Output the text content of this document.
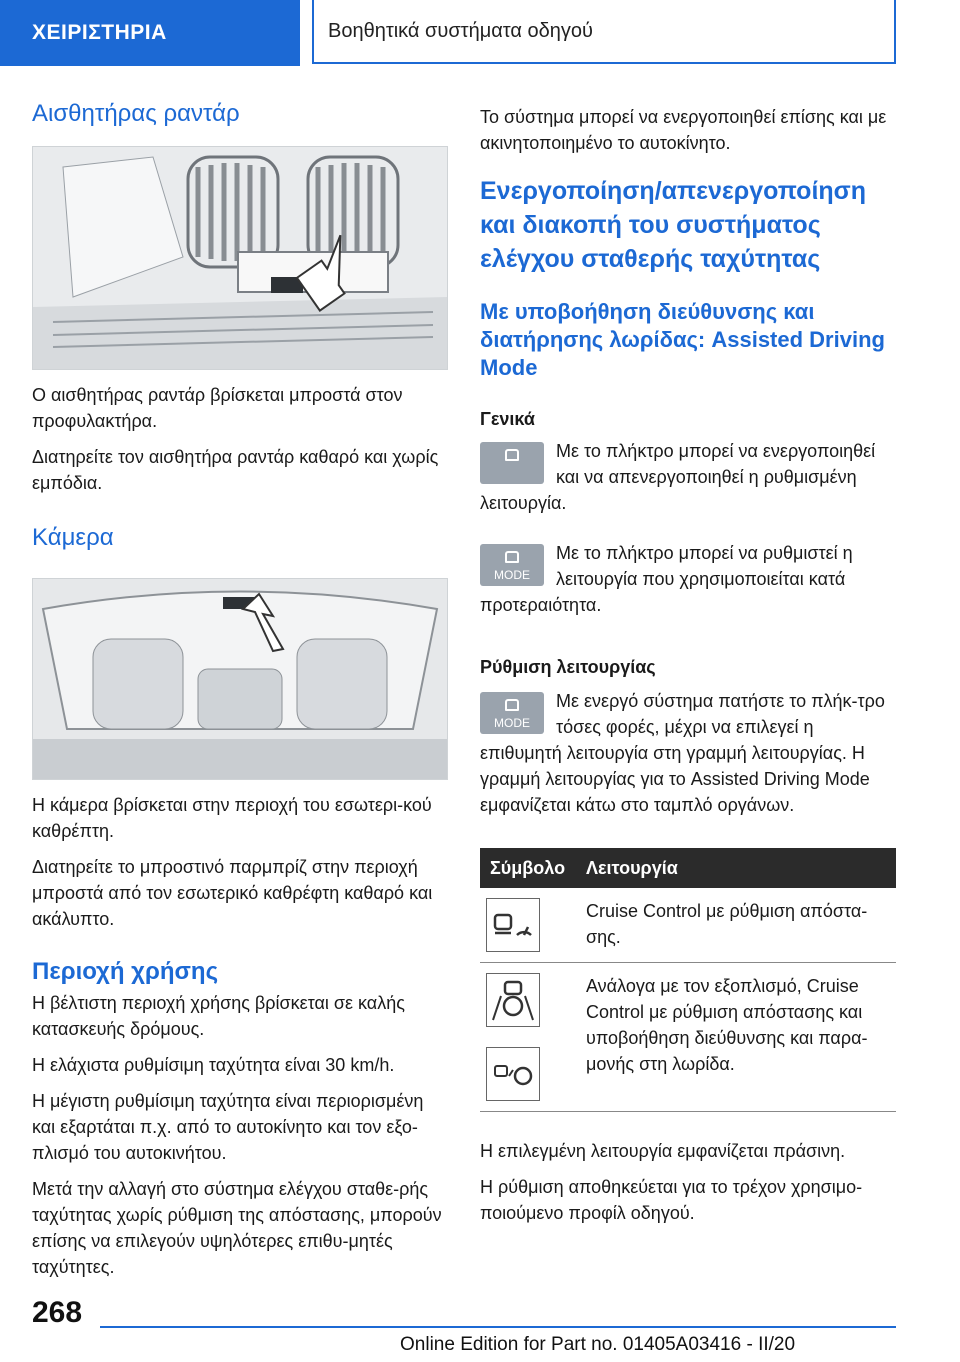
ΧΕΙΡΙΣΤΗΡΙΑ	Βοηθητικά συστήματα οδηγού
Αισθητήρας ραντάρ

Ο αισθητήρας ραντάρ βρίσκεται μπροστά στον προφυλακτήρα.

Διατηρείτε τον αισθητήρα ραντάρ καθαρό και χωρίς εμπόδια.

Κάμερα

Η κάμερα βρίσκεται στην περιοχή του εσωτερι-κού καθρέπτη.

Διατηρείτε το μπροστινό παρμπρίζ στην περιοχή μπροστά από τον εσωτερικό καθρέφτη καθαρό και ακάλυπτο.

Περιοχή χρήσης

Η βέλτιστη περιοχή χρήσης βρίσκεται σε καλής κατασκευής δρόμους.

Η ελάχιστα ρυθμίσιμη ταχύτητα είναι 30 km/h.

Η μέγιστη ρυθμίσιμη ταχύτητα είναι περιορισμένη και εξαρτάται π.χ. από το αυτοκίνητο και τον εξο-πλισμό του αυτοκινήτου.

Μετά την αλλαγή στο σύστημα ελέγχου σταθε-ρής ταχύτητας χωρίς ρύθμιση της απόστασης, μπορούν επίσης να επιλεγούν υψηλότερες επιθυ-μητές ταχύτητες.

Το σύστημα μπορεί να ενεργοποιηθεί επίσης και με ακινητοποιημένο το αυτοκίνητο.

Ενεργοποίηση/απενεργοποίηση και διακοπή του συστήματος ελέγχου σταθερής ταχύτητας
Με υποβοήθηση διεύθυνσης και διατήρησης λωρίδας: Assisted Driving Mode
Γενικά

Με το πλήκτρο μπορεί να ενεργοποιηθεί και να απενεργοποιηθεί η ρυθμισμένη λειτουργία.

MODE

Με το πλήκτρο μπορεί να ρυθμιστεί η λειτουργία που χρησιμοποιείται κατά προτεραιότητα.

Ρύθμιση λειτουργίας
MODE

Με ενεργό σύστημα πατήστε το πλήκ-τρο τόσες φορές, μέχρι να επιλεγεί η επιθυμητή λειτουργία στη γραμμή λειτουργίας. Η γραμμή λειτουργίας για το Assisted Driving Mode εμφανίζεται κάτω στο ταμπλό οργάνων.

Σύμβολο	Λειτουργία

	Cruise Control με ρύθμιση απόστα-σης.

	Ανάλογα με τον εξοπλισμό, Cruise Control με ρύθμιση απόστασης και υποβοήθηση διεύθυνσης και παρα-μονής στη λωρίδα.

Η επιλεγμένη λειτουργία εμφανίζεται πράσινη.

Η ρύθμιση αποθηκεύεται για το τρέχον χρησιμο-ποιούμενο προφίλ οδηγού.

268
Online Edition for Part no. 01405A03416 - II/20
